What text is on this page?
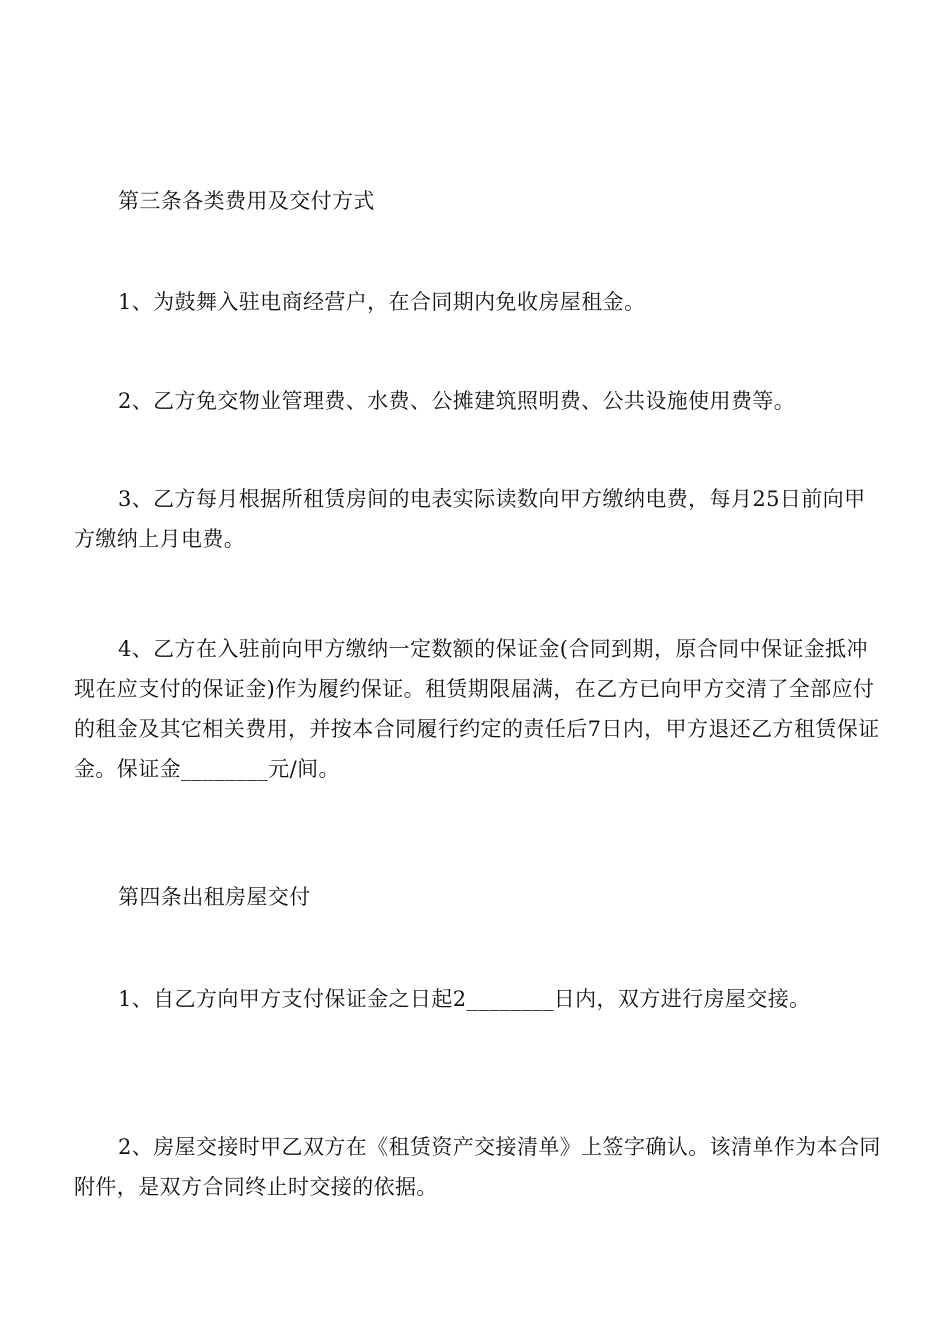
第三条各类费用及交付方式

1、为鼓舞入驻电商经营户，在合同期内免收房屋租金。

2、乙方免交物业管理费、水费、公摊建筑照明费、公共设施使用费等。

3、乙方每月根据所租赁房间的电表实际读数向甲方缴纳电费，每月25日前向甲方缴纳上月电费。

4、乙方在入驻前向甲方缴纳一定数额的保证金(合同到期，原合同中保证金抵冲现在应支付的保证金)作为履约保证。租赁期限届满，在乙方已向甲方交清了全部应付的租金及其它相关费用，并按本合同履行约定的责任后7日内，甲方退还乙方租赁保证金。保证金________元/间。

第四条出租房屋交付

1、自乙方向甲方支付保证金之日起2________日内，双方进行房屋交接。

2、房屋交接时甲乙双方在《租赁资产交接清单》上签字确认。该清单作为本合同附件，是双方合同终止时交接的依据。
